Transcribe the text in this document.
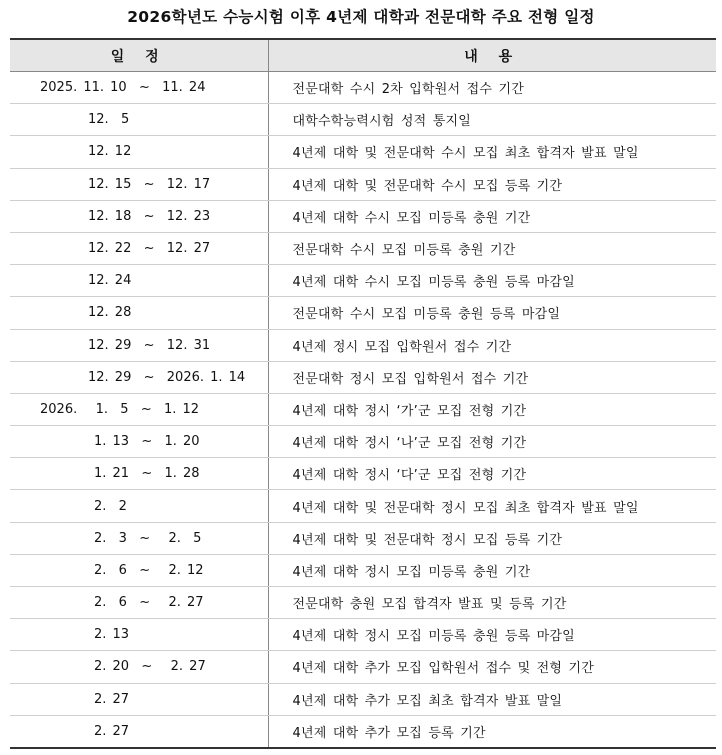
2026학년도 수능시험 이후 4년제 대학과 전문대학 주요 전형 일정
일 정	내 용
2025. 11. 10  ~  11. 24	전문대학 수시 2차 입학원서 접수 기간
12.  5	대학수학능력시험 성적 통지일
12. 12	4년제 대학 및 전문대학 수시 모집 최초 합격자 발표 말일
12. 15  ~  12. 17	4년제 대학 및 전문대학 수시 모집 등록 기간
12. 18  ~  12. 23	4년제 대학 수시 모집 미등록 충원 기간
12. 22  ~  12. 27	전문대학 수시 모집 미등록 충원 기간
12. 24	4년제 대학 수시 모집 미등록 충원 등록 마감일
12. 28	전문대학 수시 모집 미등록 충원 등록 마감일
12. 29  ~  12. 31	4년제 정시 모집 입학원서 접수 기간
12. 29  ~  2026. 1. 14	전문대학 정시 모집 입학원서 접수 기간
2026.   1.  5  ~  1. 12	4년제 대학 정시 ‘가’군 모집 전형 기간
1. 13  ~  1. 20	4년제 대학 정시 ‘나’군 모집 전형 기간
1. 21  ~  1. 28	4년제 대학 정시 ‘다’군 모집 전형 기간
2.  2	4년제 대학 및 전문대학 정시 모집 최초 합격자 발표 말일
2.  3  ~   2.  5	4년제 대학 및 전문대학 정시 모집 등록 기간
2.  6  ~   2. 12	4년제 대학 정시 모집 미등록 충원 기간
2.  6  ~   2. 27	전문대학 충원 모집 합격자 발표 및 등록 기간
2. 13	4년제 대학 정시 모집 미등록 충원 등록 마감일
2. 20  ~   2. 27	4년제 대학 추가 모집 입학원서 접수 및 전형 기간
2. 27	4년제 대학 추가 모집 최초 합격자 발표 말일
2. 27	4년제 대학 추가 모집 등록 기간
